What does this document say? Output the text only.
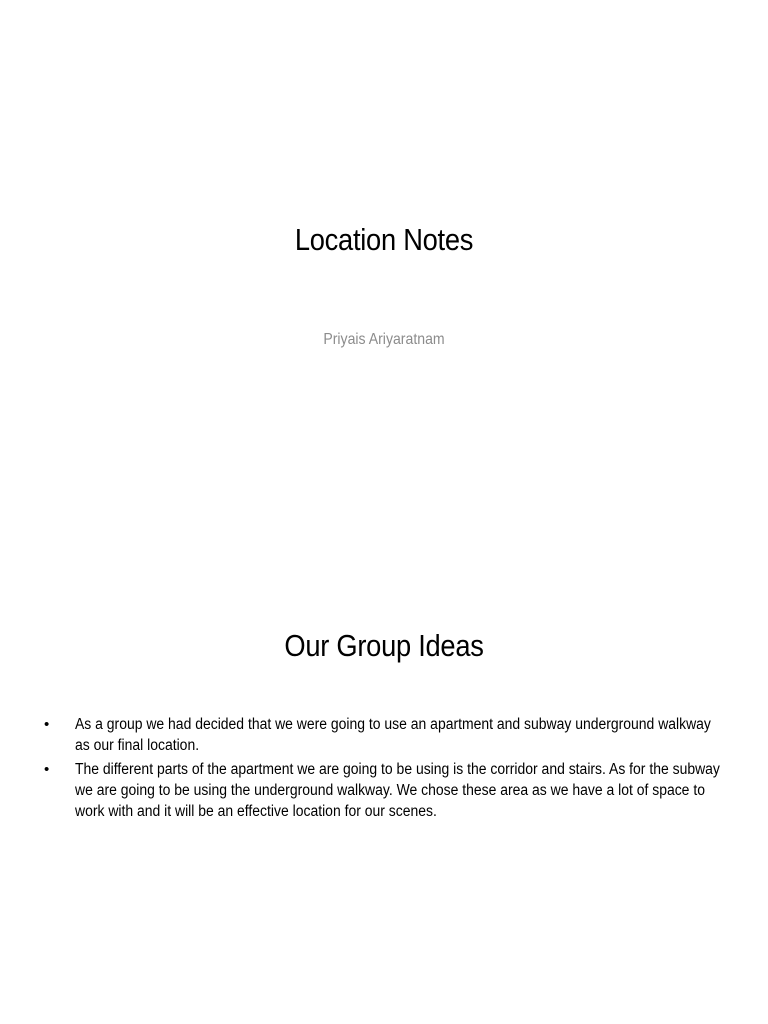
Location Notes
Priyais Ariyaratnam
Our Group Ideas
• As a group we had decided that we were going to use an apartment and subway underground walkway as our final location.
• The different parts of the apartment we are going to be using is the corridor and stairs. As for the subway we are going to be using the underground walkway. We chose these area as we have a lot of space to work with and it will be an effective location for our scenes.
